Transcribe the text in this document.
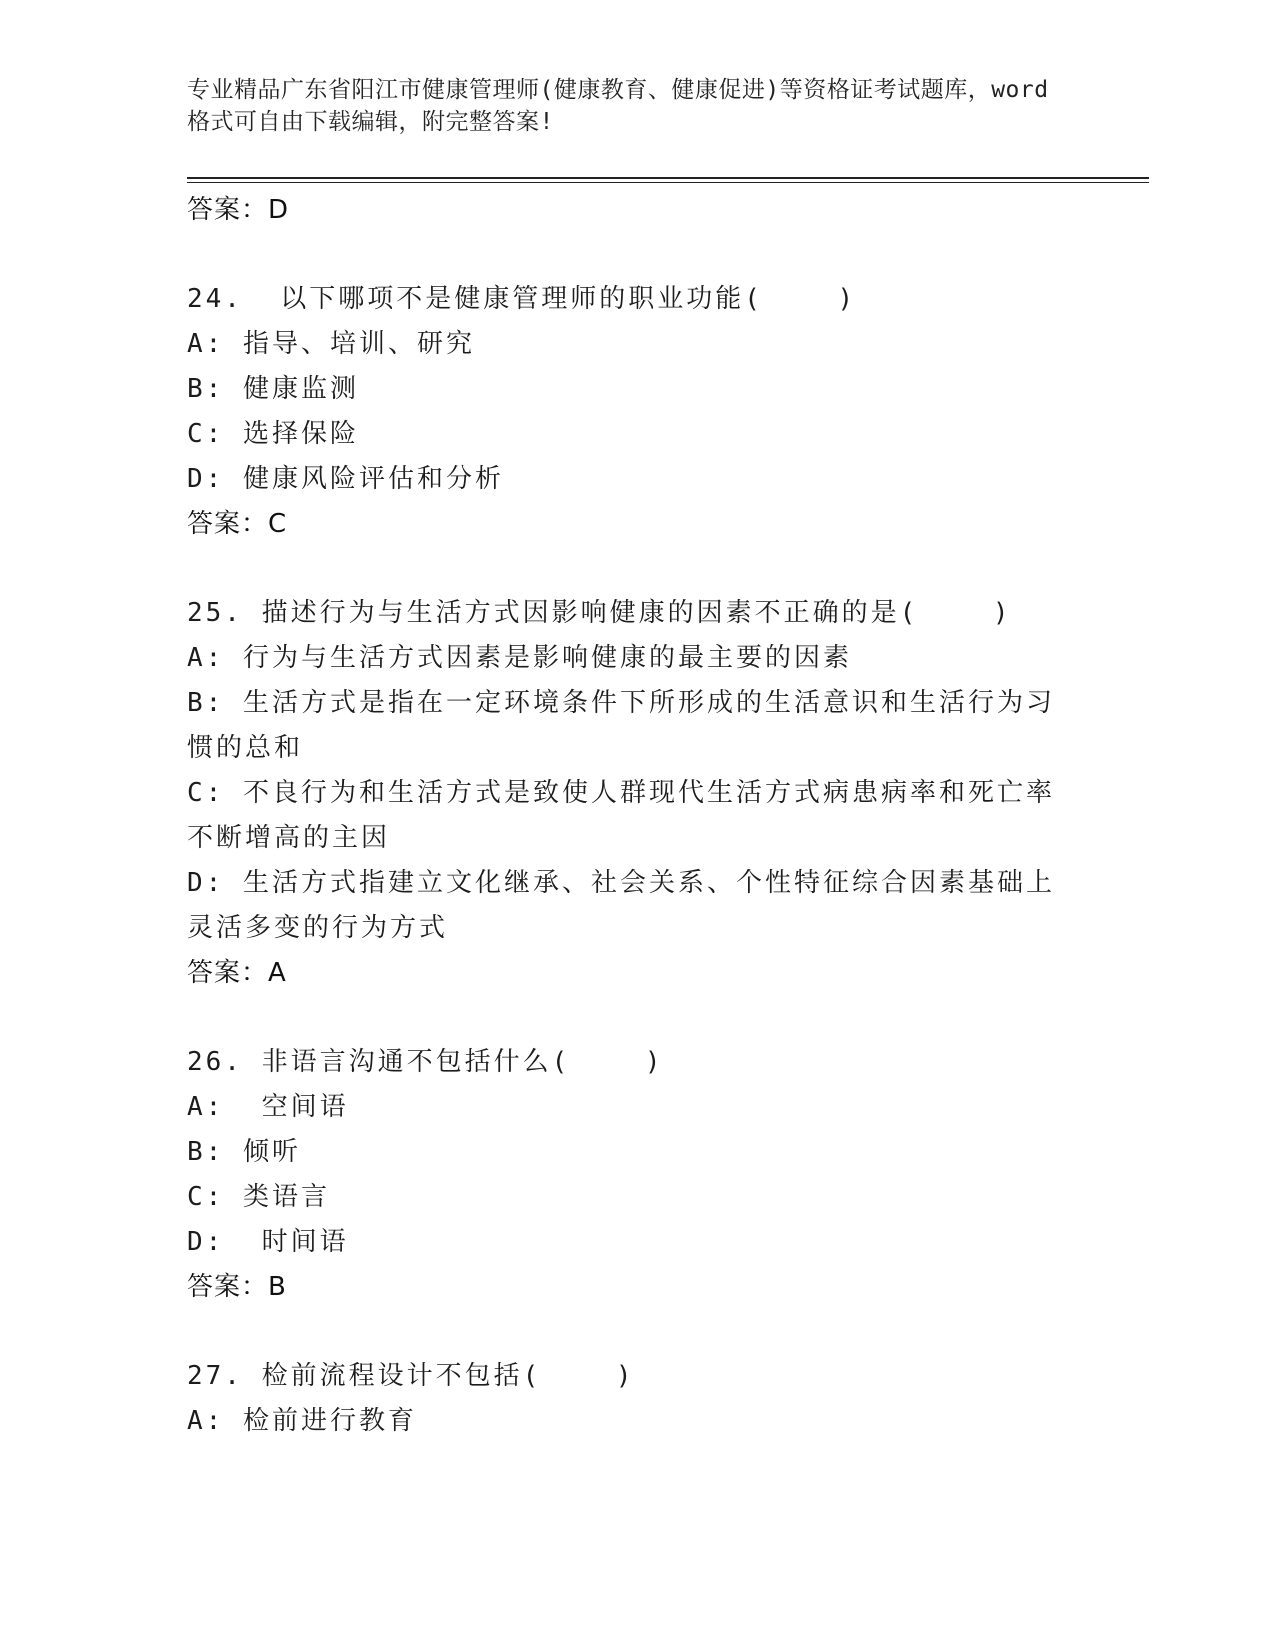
专业精品广东省阳江市健康管理师(健康教育、健康促进)等资格证考试题库，word
格式可自由下载编辑，附完整答案!
答案：D
24.  以下哪项不是健康管理师的职业功能(    )
A: 指导、培训、研究
B: 健康监测
C: 选择保险
D: 健康风险评估和分析
答案：C
25. 描述行为与生活方式因影响健康的因素不正确的是(    )
A: 行为与生活方式因素是影响健康的最主要的因素
B: 生活方式是指在一定环境条件下所形成的生活意识和生活行为习惯的总和
C: 不良行为和生活方式是致使人群现代生活方式病患病率和死亡率不断增高的主因
D: 生活方式指建立文化继承、社会关系、个性特征综合因素基础上灵活多变的行为方式
答案：A
26. 非语言沟通不包括什么(    )
A:  空间语
B: 倾听
C: 类语言
D:  时间语
答案：B
27. 检前流程设计不包括(    )
A: 检前进行教育
